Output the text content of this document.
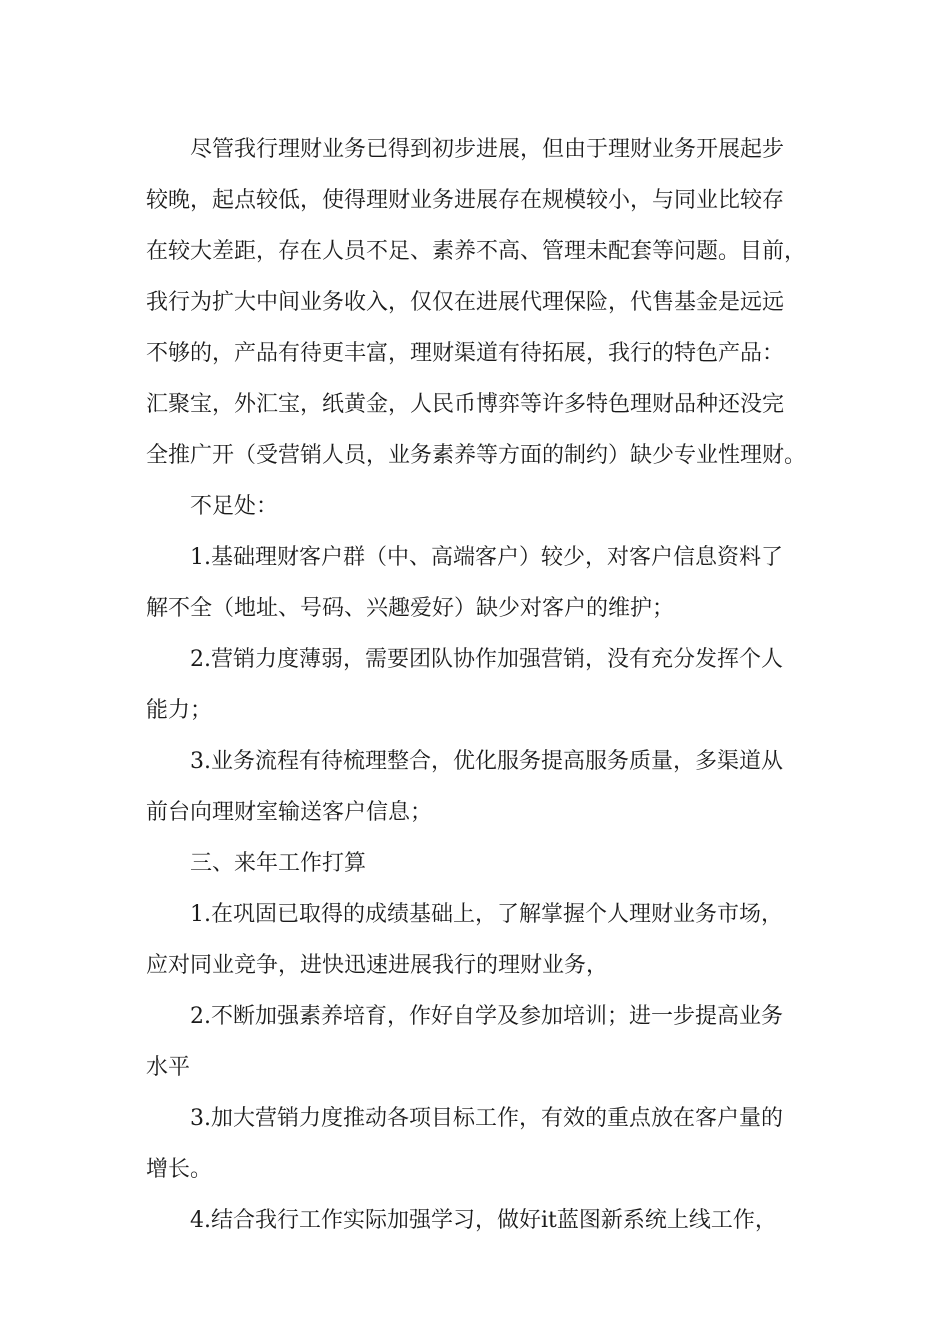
尽管我行理财业务已得到初步进展，但由于理财业务开展起步
较晚，起点较低，使得理财业务进展存在规模较小，与同业比较存
在较大差距，存在人员不足、素养不高、管理未配套等问题。目前，
我行为扩大中间业务收入，仅仅在进展代理保险，代售基金是远远
不够的，产品有待更丰富，理财渠道有待拓展，我行的特色产品：
汇聚宝，外汇宝，纸黄金，人民币博弈等许多特色理财品种还没完
全推广开（受营销人员，业务素养等方面的制约）缺少专业性理财。
不足处：
1.基础理财客户群（中、高端客户）较少，对客户信息资料了
解不全（地址、号码、兴趣爱好）缺少对客户的维护；
2.营销力度薄弱，需要团队协作加强营销，没有充分发挥个人
能力；
3.业务流程有待梳理整合，优化服务提高服务质量，多渠道从
前台向理财室输送客户信息；
三、来年工作打算
1.在巩固已取得的成绩基础上，了解掌握个人理财业务市场，
应对同业竞争，进快迅速进展我行的理财业务，
2.不断加强素养培育，作好自学及参加培训；进一步提高业务
水平
3.加大营销力度推动各项目标工作，有效的重点放在客户量的
增长。
4.结合我行工作实际加强学习，做好it蓝图新系统上线工作，
